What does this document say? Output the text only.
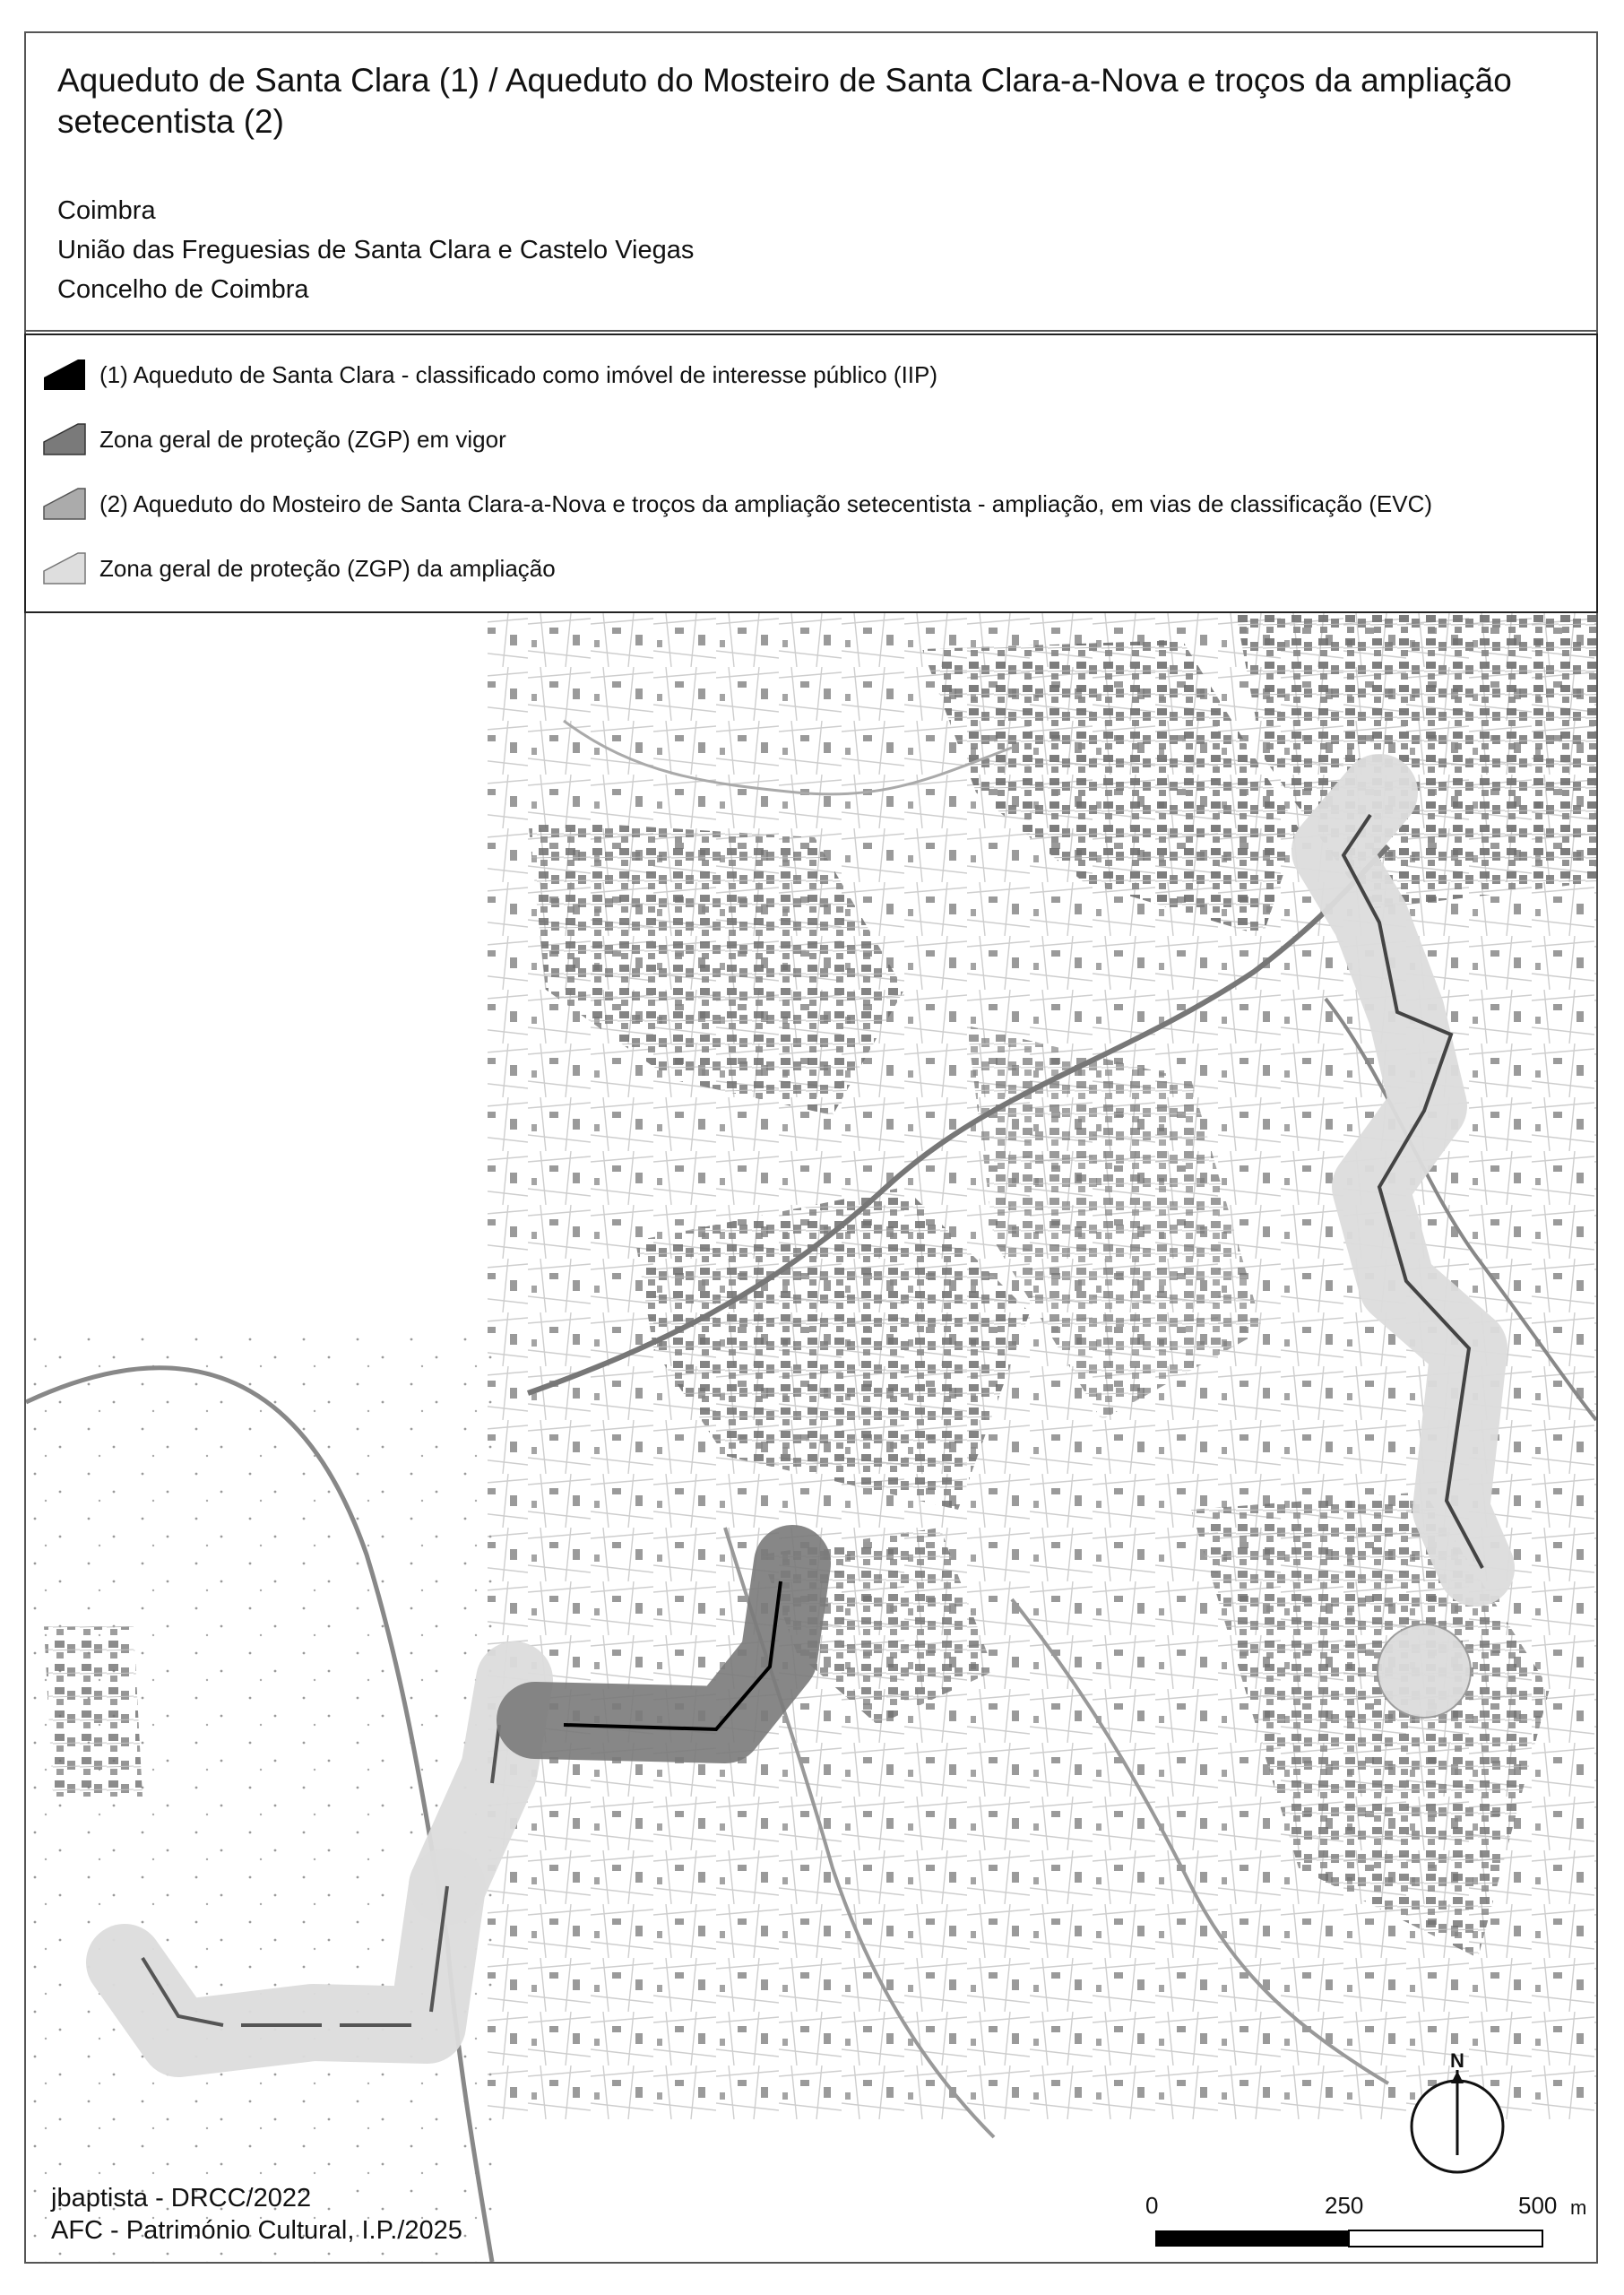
Aqueduto de Santa Clara (1) / Aqueduto do Mosteiro de Santa Clara-a-Nova e troços da ampliação setecentista (2)
Coimbra
União das Freguesias de Santa Clara e Castelo Viegas
Concelho de Coimbra
(1) Aqueduto de Santa Clara - classificado como imóvel de interesse público (IIP)
Zona geral de proteção (ZGP) em vigor
(2) Aqueduto do Mosteiro de Santa Clara-a-Nova e troços da ampliação setecentista - ampliação, em vias de classificação (EVC)
Zona geral de proteção (ZGP) da ampliação
N
0	250	500 m
jbaptista - DRCC/2022
AFC - Património Cultural, I.P./2025
